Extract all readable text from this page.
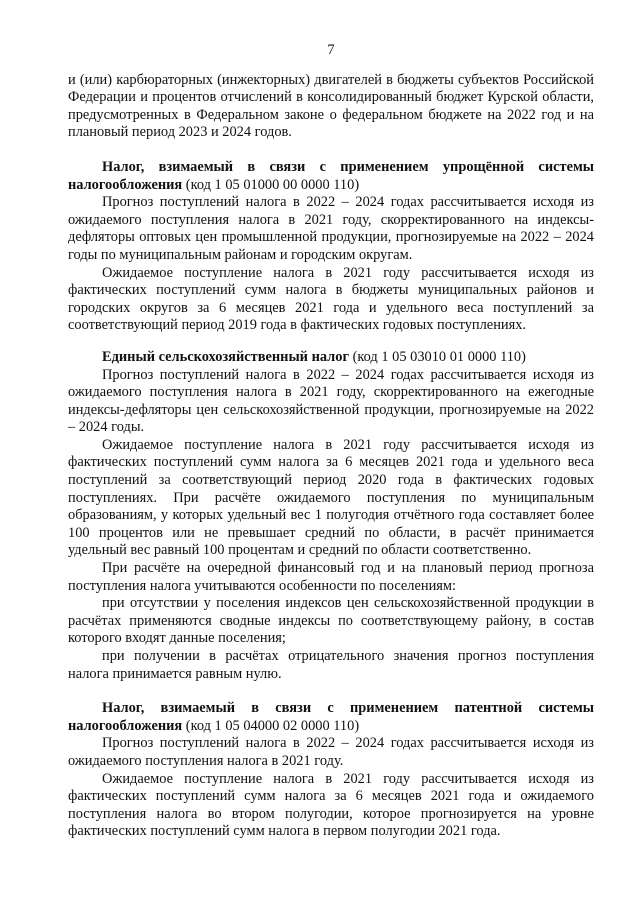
7

и (или) карбюраторных (инжекторных) двигателей в бюджеты субъектов Российской Федерации и процентов отчислений в консолидированный бюджет Курской области, предусмотренных в Федеральном законе о федеральном бюджете на 2022 год и на плановый период 2023 и 2024 годов.

Налог, взимаемый в связи с применением упрощённой системы налогообложения (код 1 05 01000 00 0000 110)

Прогноз поступлений налога в 2022 – 2024 годах рассчитывается исходя из ожидаемого поступления налога в 2021 году, скорректированного на индексы-дефляторы оптовых цен промышленной продукции, прогнозируемые на 2022 – 2024 годы по муниципальным районам и городским округам.

Ожидаемое поступление налога в 2021 году рассчитывается исходя из фактических поступлений сумм налога в бюджеты муниципальных районов и городских округов за 6 месяцев 2021 года и удельного веса поступлений за соответствующий период 2019 года в фактических годовых поступлениях.

Единый сельскохозяйственный налог (код 1 05 03010 01 0000 110)

Прогноз поступлений налога в 2022 – 2024 годах рассчитывается исходя из ожидаемого поступления налога в 2021 году, скорректированного на ежегодные индексы-дефляторы цен сельскохозяйственной продукции, прогнозируемые на 2022 – 2024 годы.

Ожидаемое поступление налога в 2021 году рассчитывается исходя из фактических поступлений сумм налога за 6 месяцев 2021 года и удельного веса поступлений за соответствующий период 2020 года в фактических годовых поступлениях. При расчёте ожидаемого поступления по муниципальным образованиям, у которых удельный вес 1 полугодия отчётного года составляет более 100 процентов или не превышает средний по области, в расчёт принимается удельный вес равный 100 процентам и средний по области соответственно.

При расчёте на очередной финансовый год и на плановый период прогноза поступления налога учитываются особенности по поселениям:

при отсутствии у поселения индексов цен сельскохозяйственной продукции в расчётах применяются сводные индексы по соответствующему району, в состав которого входят данные поселения;

при получении в расчётах отрицательного значения прогноз поступления налога принимается равным нулю.

Налог, взимаемый в связи с применением патентной системы налогообложения (код 1 05 04000 02 0000 110)

Прогноз поступлений налога в 2022 – 2024 годах рассчитывается исходя из ожидаемого поступления налога в 2021 году.

Ожидаемое поступление налога в 2021 году рассчитывается исходя из фактических поступлений сумм налога за 6 месяцев 2021 года и ожидаемого поступления налога во втором полугодии, которое прогнозируется на уровне фактических поступлений сумм налога в первом полугодии 2021 года.
